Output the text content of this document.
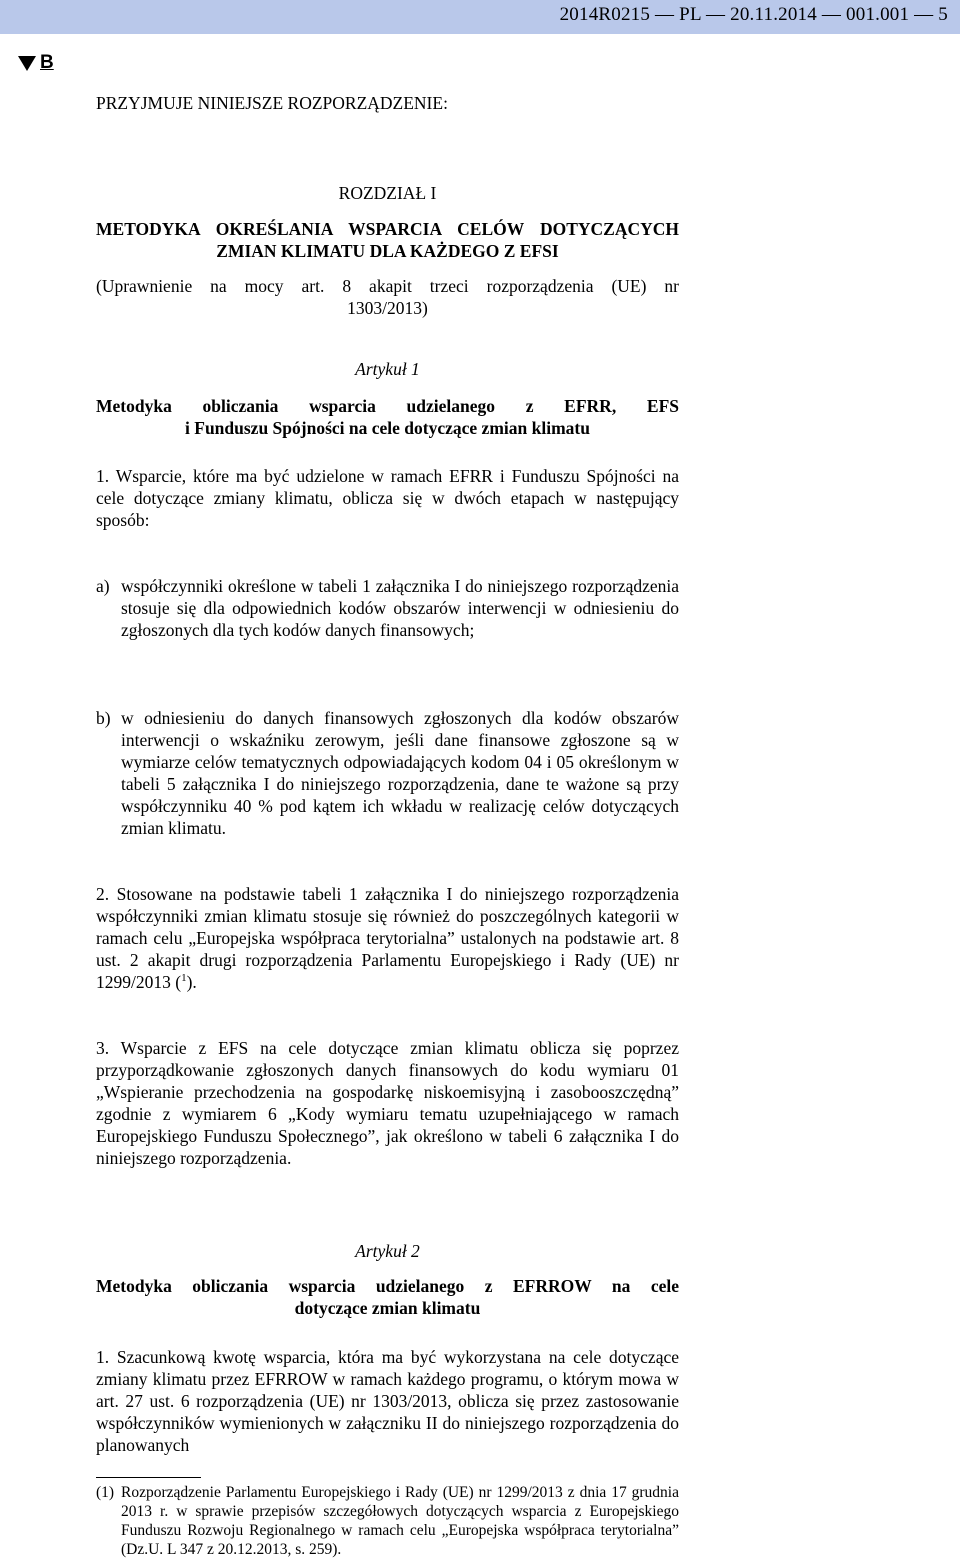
2014R0215 — PL — 20.11.2014 — 001.001 — 5
B
PRZYJMUJE NINIEJSZE ROZPORZĄDZENIE:
ROZDZIAŁ I
METODYKA OKREŚLANIA WSPARCIA CELÓW DOTYCZĄCYCH
ZMIAN KLIMATU DLA KAŻDEGO Z EFSI
(Uprawnienie na mocy art. 8 akapit trzeci rozporządzenia (UE) nr
1303/2013)
Artykuł 1
Metodyka obliczania wsparcia udzielanego z EFRR, EFS
i Funduszu Spójności na cele dotyczące zmian klimatu
1. Wsparcie, które ma być udzielone w ramach EFRR i Funduszu Spójności na cele dotyczące zmiany klimatu, oblicza się w dwóch etapach w następujący sposób:
a) współczynniki określone w tabeli 1 załącznika I do niniejszego rozporządzenia stosuje się dla odpowiednich kodów obszarów interwencji w odniesieniu do zgłoszonych dla tych kodów danych finansowych;
b) w odniesieniu do danych finansowych zgłoszonych dla kodów obszarów interwencji o wskaźniku zerowym, jeśli dane finansowe zgłoszone są w wymiarze celów tematycznych odpowiadających kodom 04 i 05 określonym w tabeli 5 załącznika I do niniejszego rozporządzenia, dane te ważone są przy współczynniku 40 % pod kątem ich wkładu w realizację celów dotyczących zmian klimatu.
2. Stosowane na podstawie tabeli 1 załącznika I do niniejszego rozporządzenia współczynniki zmian klimatu stosuje się również do poszczególnych kategorii w ramach celu „Europejska współpraca terytorialna” ustalonych na podstawie art. 8 ust. 2 akapit drugi rozporządzenia Parlamentu Europejskiego i Rady (UE) nr 1299/2013 ($^1$).
3. Wsparcie z EFS na cele dotyczące zmian klimatu oblicza się poprzez przyporządkowanie zgłoszonych danych finansowych do kodu wymiaru 01 „Wspieranie przechodzenia na gospodarkę niskoemisyjną i zasobooszczędną” zgodnie z wymiarem 6 „Kody wymiaru tematu uzupełniającego w ramach Europejskiego Funduszu Społecznego”, jak określono w tabeli 6 załącznika I do niniejszego rozporządzenia.
Artykuł 2
Metodyka obliczania wsparcia udzielanego z EFRROW na cele
dotyczące zmian klimatu
1. Szacunkową kwotę wsparcia, która ma być wykorzystana na cele dotyczące zmiany klimatu przez EFRROW w ramach każdego programu, o którym mowa w art. 27 ust. 6 rozporządzenia (UE) nr 1303/2013, oblicza się przez zastosowanie współczynników wymienionych w załączniku II do niniejszego rozporządzenia do planowanych
(1) Rozporządzenie Parlamentu Europejskiego i Rady (UE) nr 1299/2013 z dnia 17 grudnia 2013 r. w sprawie przepisów szczegółowych dotyczących wsparcia z Europejskiego Funduszu Rozwoju Regionalnego w ramach celu „Europejska współpraca terytorialna” (Dz.U. L 347 z 20.12.2013, s. 259).
